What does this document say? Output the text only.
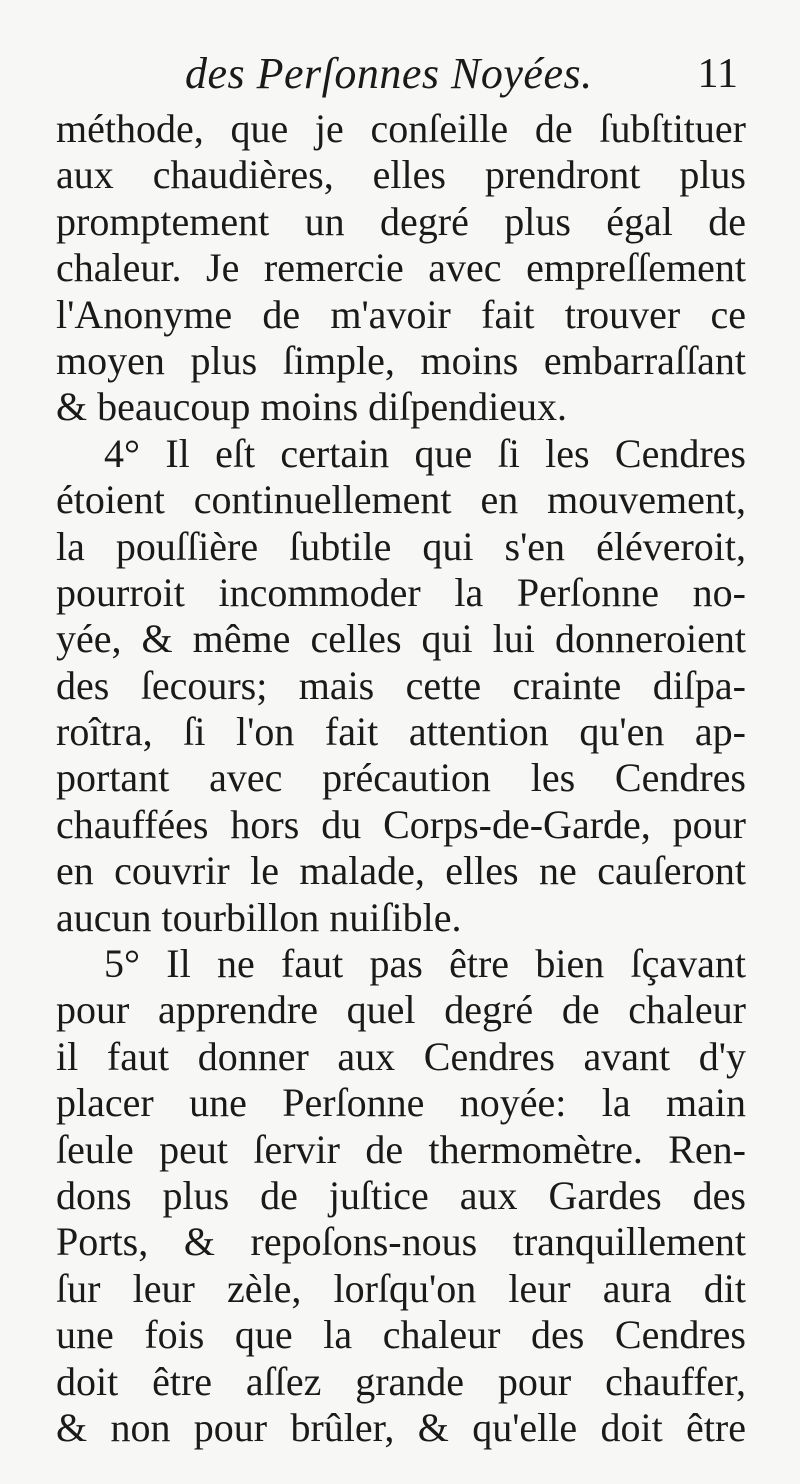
des Perſonnes Noyées. 11
méthode, que je conſeille de ſubſtituer
aux chaudières, elles prendront plus
promptement un degré plus égal de
chaleur. Je remercie avec empreſſement
l'Anonyme de m'avoir fait trouver ce
moyen plus ſimple, moins embarraſſant
& beaucoup moins diſpendieux.
4° Il eſt certain que ſi les Cendres
étoient continuellement en mouvement,
la pouſſière ſubtile qui s'en éléveroit,
pourroit incommoder la Perſonne no-
yée, & même celles qui lui donneroient
des ſecours; mais cette crainte diſpa-
roîtra, ſi l'on fait attention qu'en ap-
portant avec précaution les Cendres
chauffées hors du Corps-de-Garde, pour
en couvrir le malade, elles ne cauſeront
aucun tourbillon nuiſible.
5° Il ne faut pas être bien ſçavant
pour apprendre quel degré de chaleur
il faut donner aux Cendres avant d'y
placer une Perſonne noyée: la main
ſeule peut ſervir de thermomètre. Ren-
dons plus de juſtice aux Gardes des
Ports, & repoſons-nous tranquillement
ſur leur zèle, lorſqu'on leur aura dit
une fois que la chaleur des Cendres
doit être aſſez grande pour chauffer,
& non pour brûler, & qu'elle doit être
